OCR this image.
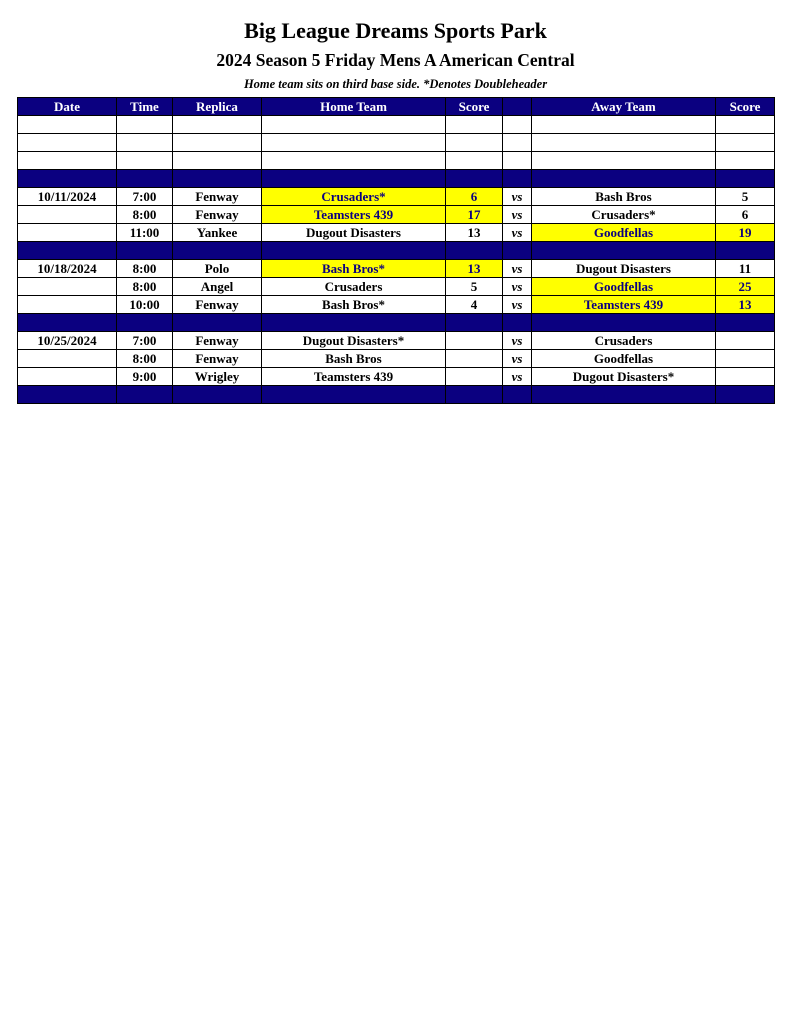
Big League Dreams Sports Park
2024 Season 5 Friday Mens A American Central
Home team sits on third base side. *Denotes Doubleheader
Date	Time	Replica	Home Team	Score		Away Team	Score

10/11/2024	7:00	Fenway	Crusaders*	6	vs	Bash Bros	5
	8:00	Fenway	Teamsters 439	17	vs	Crusaders*	6
	11:00	Yankee	Dugout Disasters	13	vs	Goodfellas	19

10/18/2024	8:00	Polo	Bash Bros*	13	vs	Dugout Disasters	11
	8:00	Angel	Crusaders	5	vs	Goodfellas	25
	10:00	Fenway	Bash Bros*	4	vs	Teamsters 439	13

10/25/2024	7:00	Fenway	Dugout Disasters*		vs	Crusaders	
	8:00	Fenway	Bash Bros		vs	Goodfellas	
	9:00	Wrigley	Teamsters 439		vs	Dugout Disasters*	
